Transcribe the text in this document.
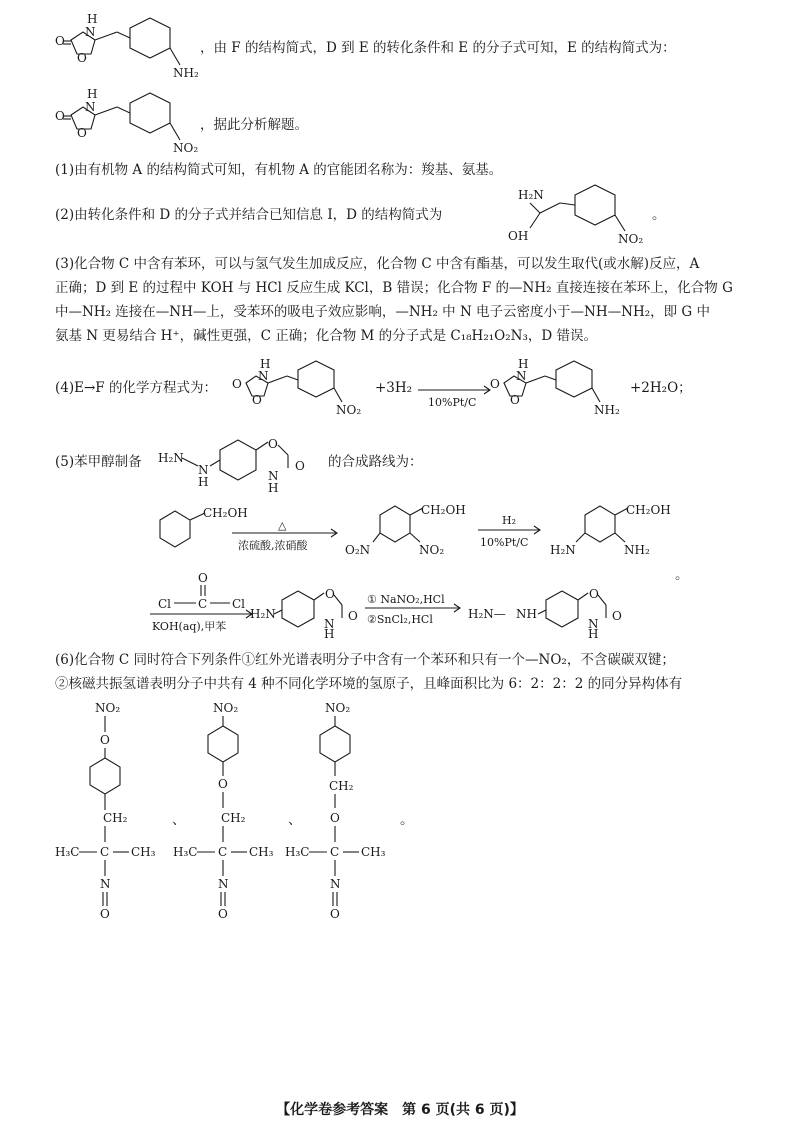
H
N
O
O
NH₂
，由 F 的结构简式，D 到 E 的转化条件和 E 的分子式可知，E 的结构简式为：
H
N
O
O
NO₂
，据此分析解题。
(1)由有机物 A 的结构简式可知，有机物 A 的官能团名称为：羧基、氨基。
(2)由转化条件和 D 的分子式并结合已知信息 I，D 的结构简式为
H₂N
OH	NO₂
。
(3)化合物 C 中含有苯环，可以与氢气发生加成反应，化合物 C 中含有酯基，可以发生取代(或水解)反应，A
正确；D 到 E 的过程中 KOH 与 HCl 反应生成 KCl，B 错误；化合物 F 的—NH₂ 直接连接在苯环上，化合物 G
中—NH₂ 连接在—NH—上，受苯环的吸电子效应影响，—NH₂ 中 N 电子云密度小于—NH—NH₂，即 G 中
氨基 N 更易结合 H⁺，碱性更强，C 正确；化合物 M 的分子式是 C₁₈H₂₁O₂N₃，D 错误。
(4)E→F 的化学方程式为：
H
N
O
O
NO₂
+3H₂
10%Pt/C
H
N
O
O
NH₂
+2H₂O；
(5)苯甲醇制备 H₂N
N
H
O
O
N
H
的合成路线为：
CH₂OH
△
浓硫酸,浓硝酸
CH₂OH
NO₂
O₂N
H₂
10%Pt/C
CH₂OH
NH₂
H₂N
。
O
Cl C Cl
KOH(aq),甲苯
H₂N
O
O
N
H
① NaNO₂,HCl
②SnCl₂,HCl	H₂N— NH
O
O
N
H
(6)化合物 C 同时符合下列条件①红外光谱表明分子中含有一个苯环和只有一个—NO₂，不含碳碳双键；
②核磁共振氢谱表明分子中共有 4 种不同化学环境的氢原子，且峰面积比为 6：2：2：2 的同分异构体有
NO₂
O
CH₂
H₃C C CH₃
N
O
、
NO₂
O
CH₂
H₃C C CH₃
N
O
、
NO₂
CH₂
O
H₃C C CH₃
N
O
。
【化学卷参考答案　第 6 页(共 6 页)】
